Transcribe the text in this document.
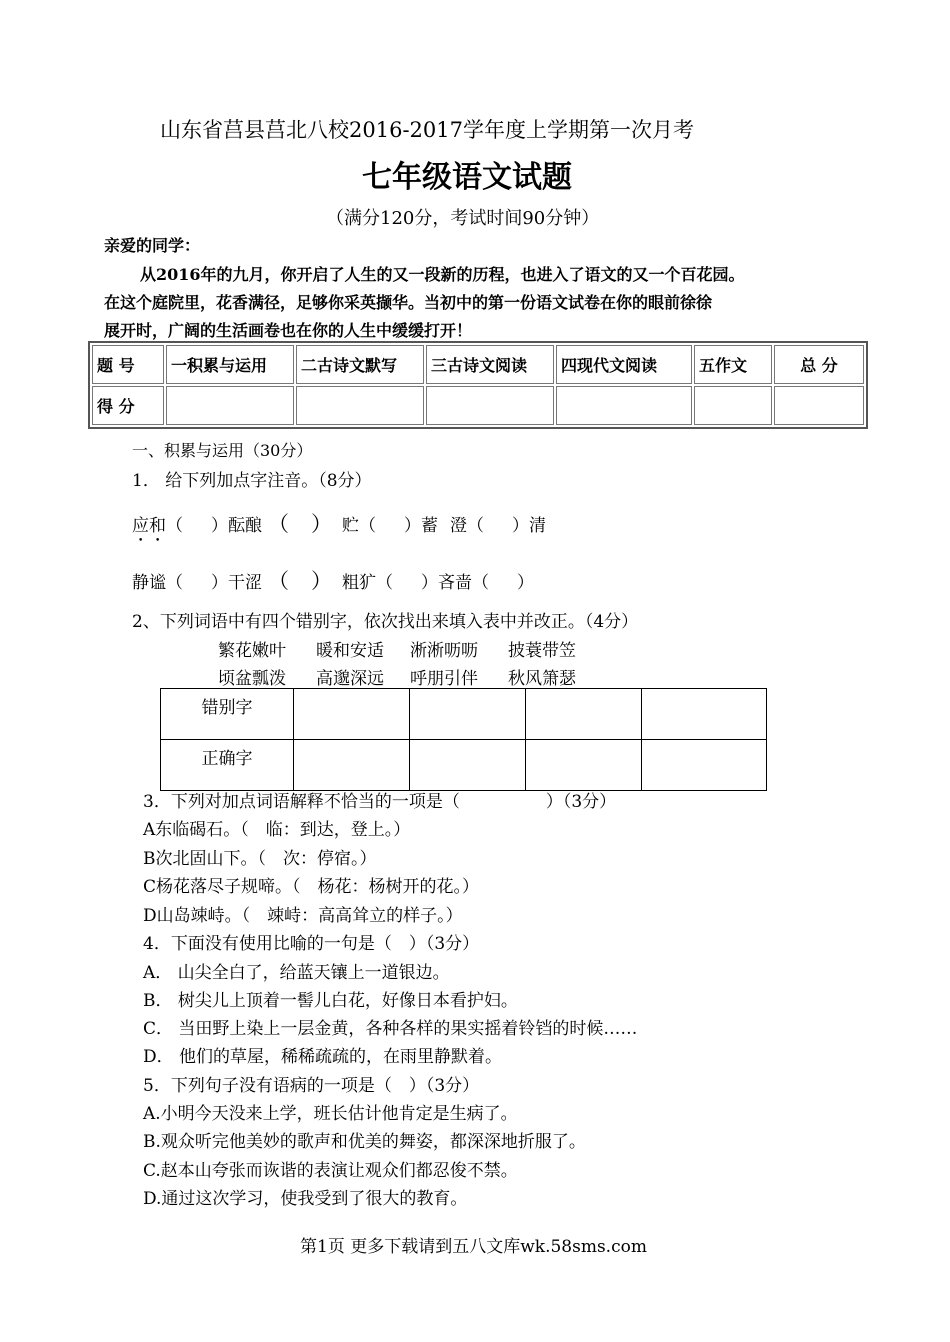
山东省莒县莒北八校2016-2017学年度上学期第一次月考
七年级语文试题
（满分120分，考试时间90分钟）
亲爱的同学：
从2016年的九月，你开启了人生的又一段新的历程，也进入了语文的又一个百花园。
在这个庭院里，花香满径，足够你采英撷华。当初中的第一份语文试卷在你的眼前徐徐
展开时，广阔的生活画卷也在你的人生中缓缓打开！
题 号	一积累与运用	二古诗文默写	三古诗文阅读	四现代文阅读	五作文	总 分
得 分						
一、积累与运用（30分）
1． 给下列加点字注音。（8分）
应和（ ）酝酿 （ ） 贮（ ）蓄 澄（ ）清
静谧（ ）干涩 （ ） 粗犷（ ）吝啬（ ）
2、下列词语中有四个错别字，依次找出来填入表中并改正。（4分）
繁花嫩叶 暖和安适 淅淅呖呖 披蓑带笠
顷盆瓢泼 高邈深远 呼朋引伴 秋风箫瑟
错别字				
正确字				
3．下列对加点词语解释不恰当的一项是（	）（3分）
A东临碣石。（　临：到达，登上。）
B次北固山下。（　次：停宿。）
C杨花落尽子规啼。（　杨花：杨树开的花。）
D山岛竦峙。（　竦峙：高高耸立的样子。）
4．下面没有使用比喻的一句是（　）（3分）
A． 山尖全白了，给蓝天镶上一道银边。
B． 树尖儿上顶着一髻儿白花，好像日本看护妇。
C． 当田野上染上一层金黄，各种各样的果实摇着铃铛的时候……
D． 他们的草屋，稀稀疏疏的，在雨里静默着。
5．下列句子没有语病的一项是（　）（3分）
A.小明今天没来上学，班长估计他肯定是生病了。
B.观众听完他美妙的歌声和优美的舞姿，都深深地折服了。
C.赵本山夸张而诙谐的表演让观众们都忍俊不禁。
D.通过这次学习，使我受到了很大的教育。
第1页 更多下载请到五八文库wk.58sms.com
